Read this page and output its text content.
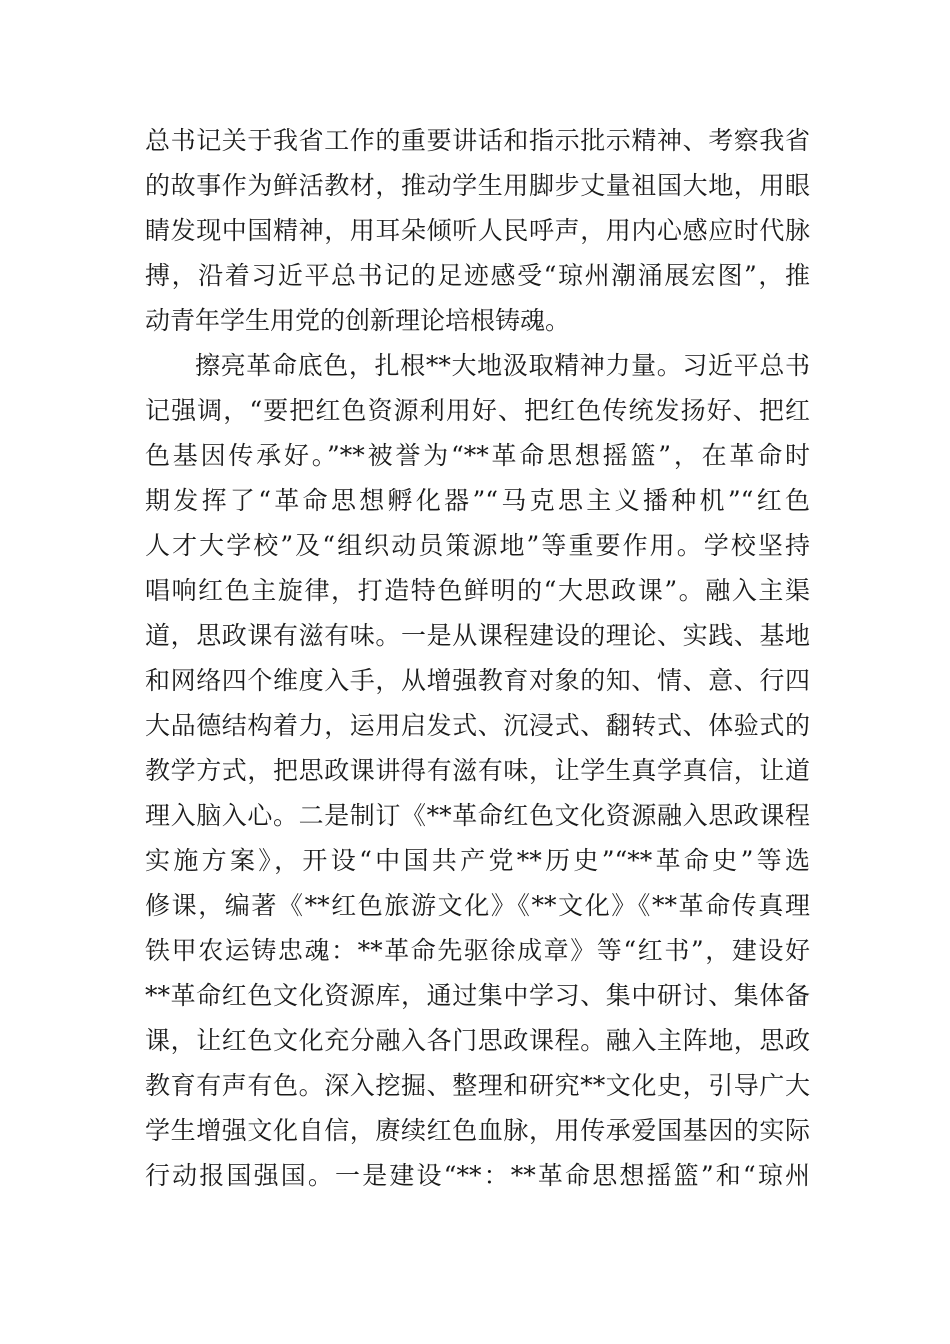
总书记关于我省工作的重要讲话和指示批示精神、考察我省
的故事作为鲜活教材，推动学生用脚步丈量祖国大地，用眼
睛发现中国精神，用耳朵倾听人民呼声，用内心感应时代脉
搏，沿着习近平总书记的足迹感受“琼州潮涌展宏图”，推
动青年学生用党的创新理论培根铸魂。
擦亮革命底色，扎根**大地汲取精神力量。习近平总书
记强调，“要把红色资源利用好、把红色传统发扬好、把红
色基因传承好。”**被誉为“**革命思想摇篮”，在革命时
期发挥了“革命思想孵化器”“马克思主义播种机”“红色
人才大学校”及“组织动员策源地”等重要作用。学校坚持
唱响红色主旋律，打造特色鲜明的“大思政课”。融入主渠
道，思政课有滋有味。一是从课程建设的理论、实践、基地
和网络四个维度入手，从增强教育对象的知、情、意、行四
大品德结构着力，运用启发式、沉浸式、翻转式、体验式的
教学方式，把思政课讲得有滋有味，让学生真学真信，让道
理入脑入心。二是制订《**革命红色文化资源融入思政课程
实施方案》，开设“中国共产党**历史”“**革命史”等选
修课，编著《**红色旅游文化》《**文化》《**革命传真理
铁甲农运铸忠魂：**革命先驱徐成章》等“红书”，建设好
**革命红色文化资源库，通过集中学习、集中研讨、集体备
课，让红色文化充分融入各门思政课程。融入主阵地，思政
教育有声有色。深入挖掘、整理和研究**文化史，引导广大
学生增强文化自信，赓续红色血脉，用传承爱国基因的实际
行动报国强国。一是建设“**：**革命思想摇篮”和“琼州
